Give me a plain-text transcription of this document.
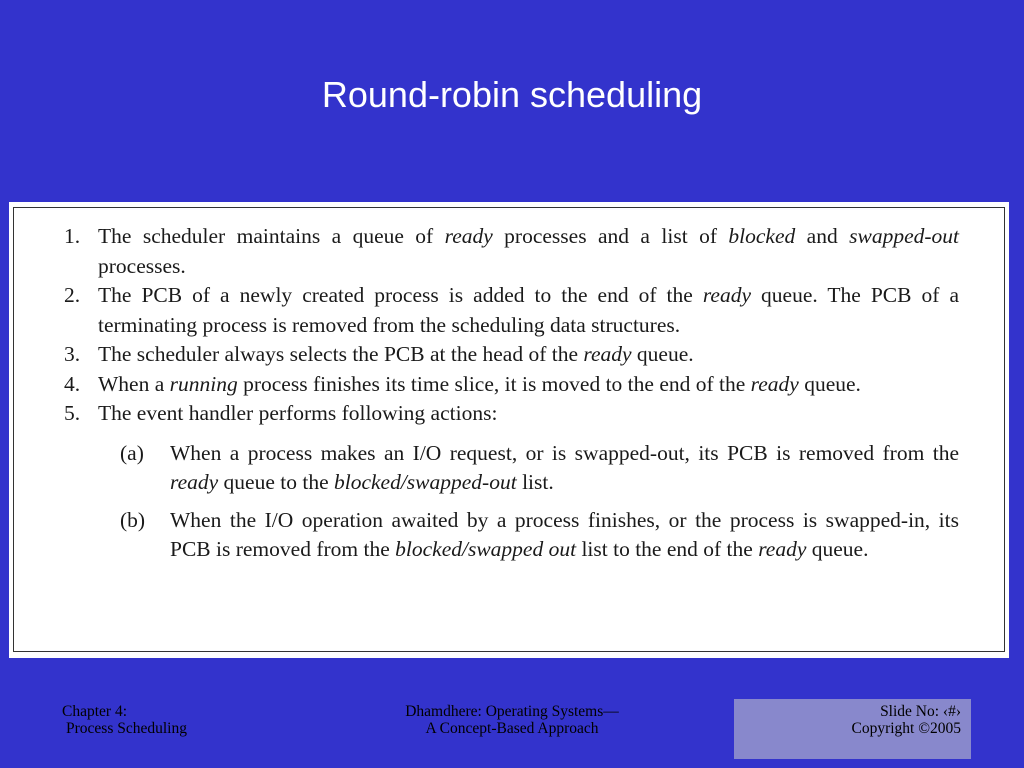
Round-robin scheduling
1. The scheduler maintains a queue of ready processes and a list of blocked and swapped-out processes.
2. The PCB of a newly created process is added to the end of the ready queue. The PCB of a terminating process is removed from the scheduling data structures.
3. The scheduler always selects the PCB at the head of the ready queue.
4. When a running process finishes its time slice, it is moved to the end of the ready queue.
5. The event handler performs following actions:
(a) When a process makes an I/O request, or is swapped-out, its PCB is removed from the ready queue to the blocked/swapped-out list.
(b) When the I/O operation awaited by a process finishes, or the process is swapped-in, its PCB is removed from the blocked/swapped out list to the end of the ready queue.
Chapter 4:
Process Scheduling
Dhamdhere: Operating Systems—
A Concept-Based Approach
Slide No: ‹#›
Copyright ©2005
